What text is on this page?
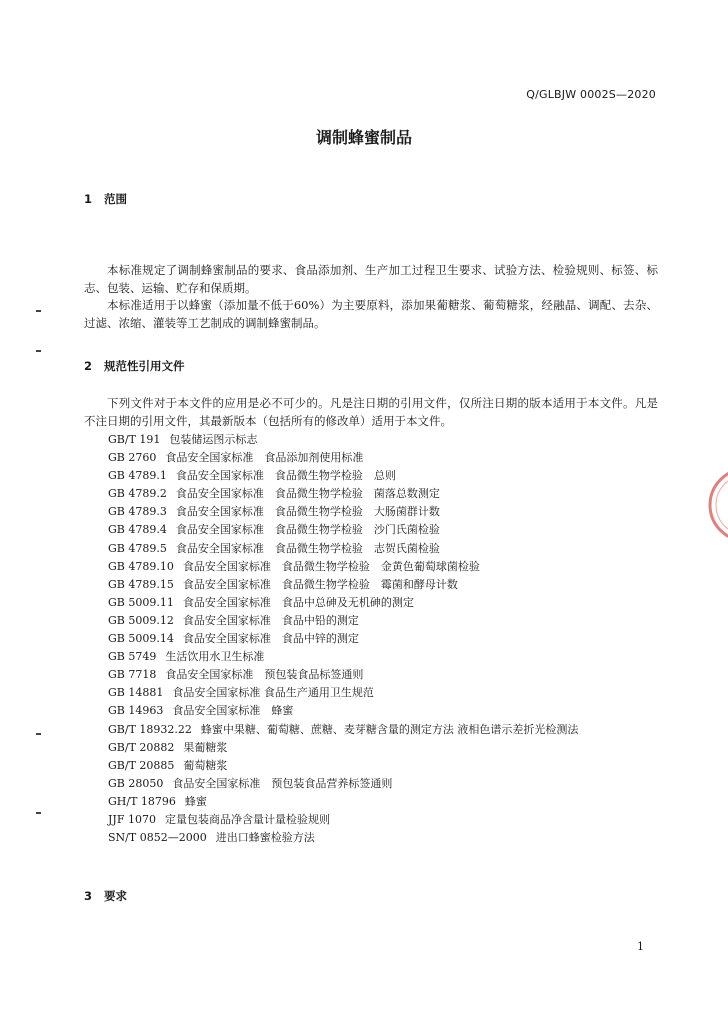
Q/GLBJW 0002S—2020
调制蜂蜜制品
1 范围

本标准规定了调制蜂蜜制品的要求、食品添加剂、生产加工过程卫生要求、试验方法、检验规则、标签、标志、包装、运输、贮存和保质期。

本标准适用于以蜂蜜（添加量不低于60%）为主要原料，添加果葡糖浆、葡萄糖浆，经融晶、调配、去杂、过滤、浓缩、灌装等工艺制成的调制蜂蜜制品。

2 规范性引用文件

下列文件对于本文件的应用是必不可少的。凡是注日期的引用文件，仅所注日期的版本适用于本文件。凡是不注日期的引用文件，其最新版本（包括所有的修改单）适用于本文件。

GB/T 191 包装储运图示标志
GB 2760 食品安全国家标准　食品添加剂使用标准
GB 4789.1 食品安全国家标准　食品微生物学检验　总则
GB 4789.2 食品安全国家标准　食品微生物学检验　菌落总数测定
GB 4789.3 食品安全国家标准　食品微生物学检验　大肠菌群计数
GB 4789.4 食品安全国家标准　食品微生物学检验　沙门氏菌检验
GB 4789.5 食品安全国家标准　食品微生物学检验　志贺氏菌检验
GB 4789.10 食品安全国家标准　食品微生物学检验　金黄色葡萄球菌检验
GB 4789.15 食品安全国家标准　食品微生物学检验　霉菌和酵母计数
GB 5009.11 食品安全国家标准　食品中总砷及无机砷的测定
GB 5009.12 食品安全国家标准　食品中铅的测定
GB 5009.14 食品安全国家标准　食品中锌的测定
GB 5749 生活饮用水卫生标准
GB 7718 食品安全国家标准　预包装食品标签通则
GB 14881 食品安全国家标准 食品生产通用卫生规范
GB 14963 食品安全国家标准　蜂蜜
GB/T 18932.22 蜂蜜中果糖、葡萄糖、蔗糖、麦芽糖含量的测定方法 液相色谱示差折光检测法
GB/T 20882 果葡糖浆
GB/T 20885 葡萄糖浆
GB 28050 食品安全国家标准　预包装食品营养标签通则
GH/T 18796 蜂蜜
JJF 1070 定量包装商品净含量计量检验规则
SN/T 0852—2000 进出口蜂蜜检验方法
3 要求
1
